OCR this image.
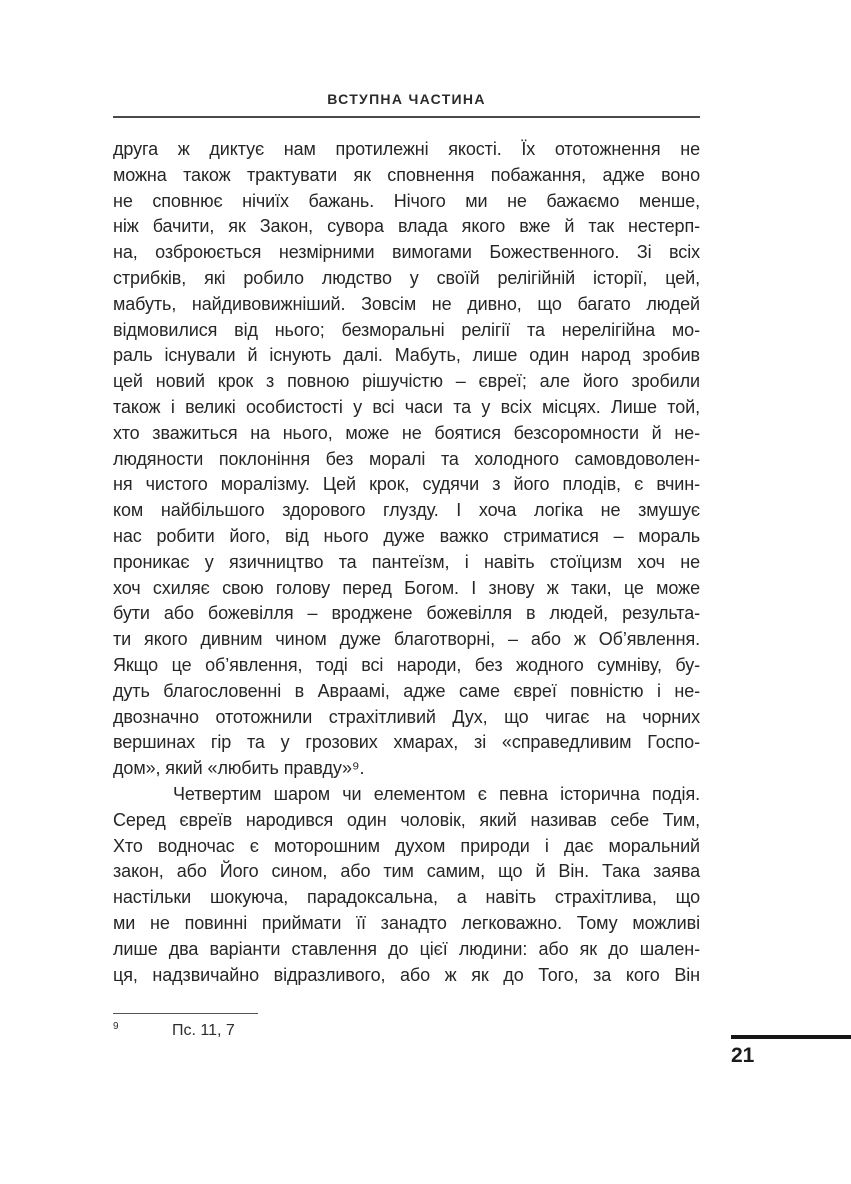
ВСТУПНА ЧАСТИНА
друга ж диктує нам протилежні якості. Їх ототожнення не
можна також трактувати як сповнення побажання, адже воно
не сповнює нічиїх бажань. Нічого ми не бажаємо менше,
ніж бачити, як Закон, сувора влада якого вже й так нестерп-
на, озброюється незмірними вимогами Божественного. Зі всіх
стрибків, які робило людство у своїй релігійній історії, цей,
мабуть, найдивовижніший. Зовсім не дивно, що багато людей
відмовилися від нього; безморальні релігії та нерелігійна мо-
раль існували й існують далі. Мабуть, лише один народ зробив
цей новий крок з повною рішучістю – євреї; але його зробили
також і великі особистості у всі часи та у всіх місцях. Лише той,
хто зважиться на нього, може не боятися безсоромности й не-
людяности поклоніння без моралі та холодного самовдоволен-
ня чистого моралізму. Цей крок, судячи з його плодів, є вчин-
ком найбільшого здорового глузду. І хоча логіка не змушує
нас робити його, від нього дуже важко стриматися – мораль
проникає у язичництво та пантеїзм, і навіть стоїцизм хоч не
хоч схиляє свою голову перед Богом. І знову ж таки, це може
бути або божевілля – вроджене божевілля в людей, результа-
ти якого дивним чином дуже благотворні, – або ж Об’явлення.
Якщо це об’явлення, тоді всі народи, без жодного сумніву, бу-
дуть благословенні в Авраамі, адже саме євреї повністю і не-
двозначно ототожнили страхітливий Дух, що чигає на чорних
вершинах гір та у грозових хмарах, зі «справедливим Госпо-
дом», який «любить правду»⁹.
Четвертим шаром чи елементом є певна історична подія.
Серед євреїв народився один чоловік, який називав себе Тим,
Хто водночас є моторошним духом природи і дає моральний
закон, або Його сином, або тим самим, що й Він. Така заява
настільки шокуюча, парадоксальна, а навіть страхітлива, що
ми не повинні приймати її занадто легковажно. Тому можливі
лише два варіанти ставлення до цієї людини: або як до шален-
ця, надзвичайно відразливого, або ж як до Того, за кого Він
9	Пс. 11, 7
21
